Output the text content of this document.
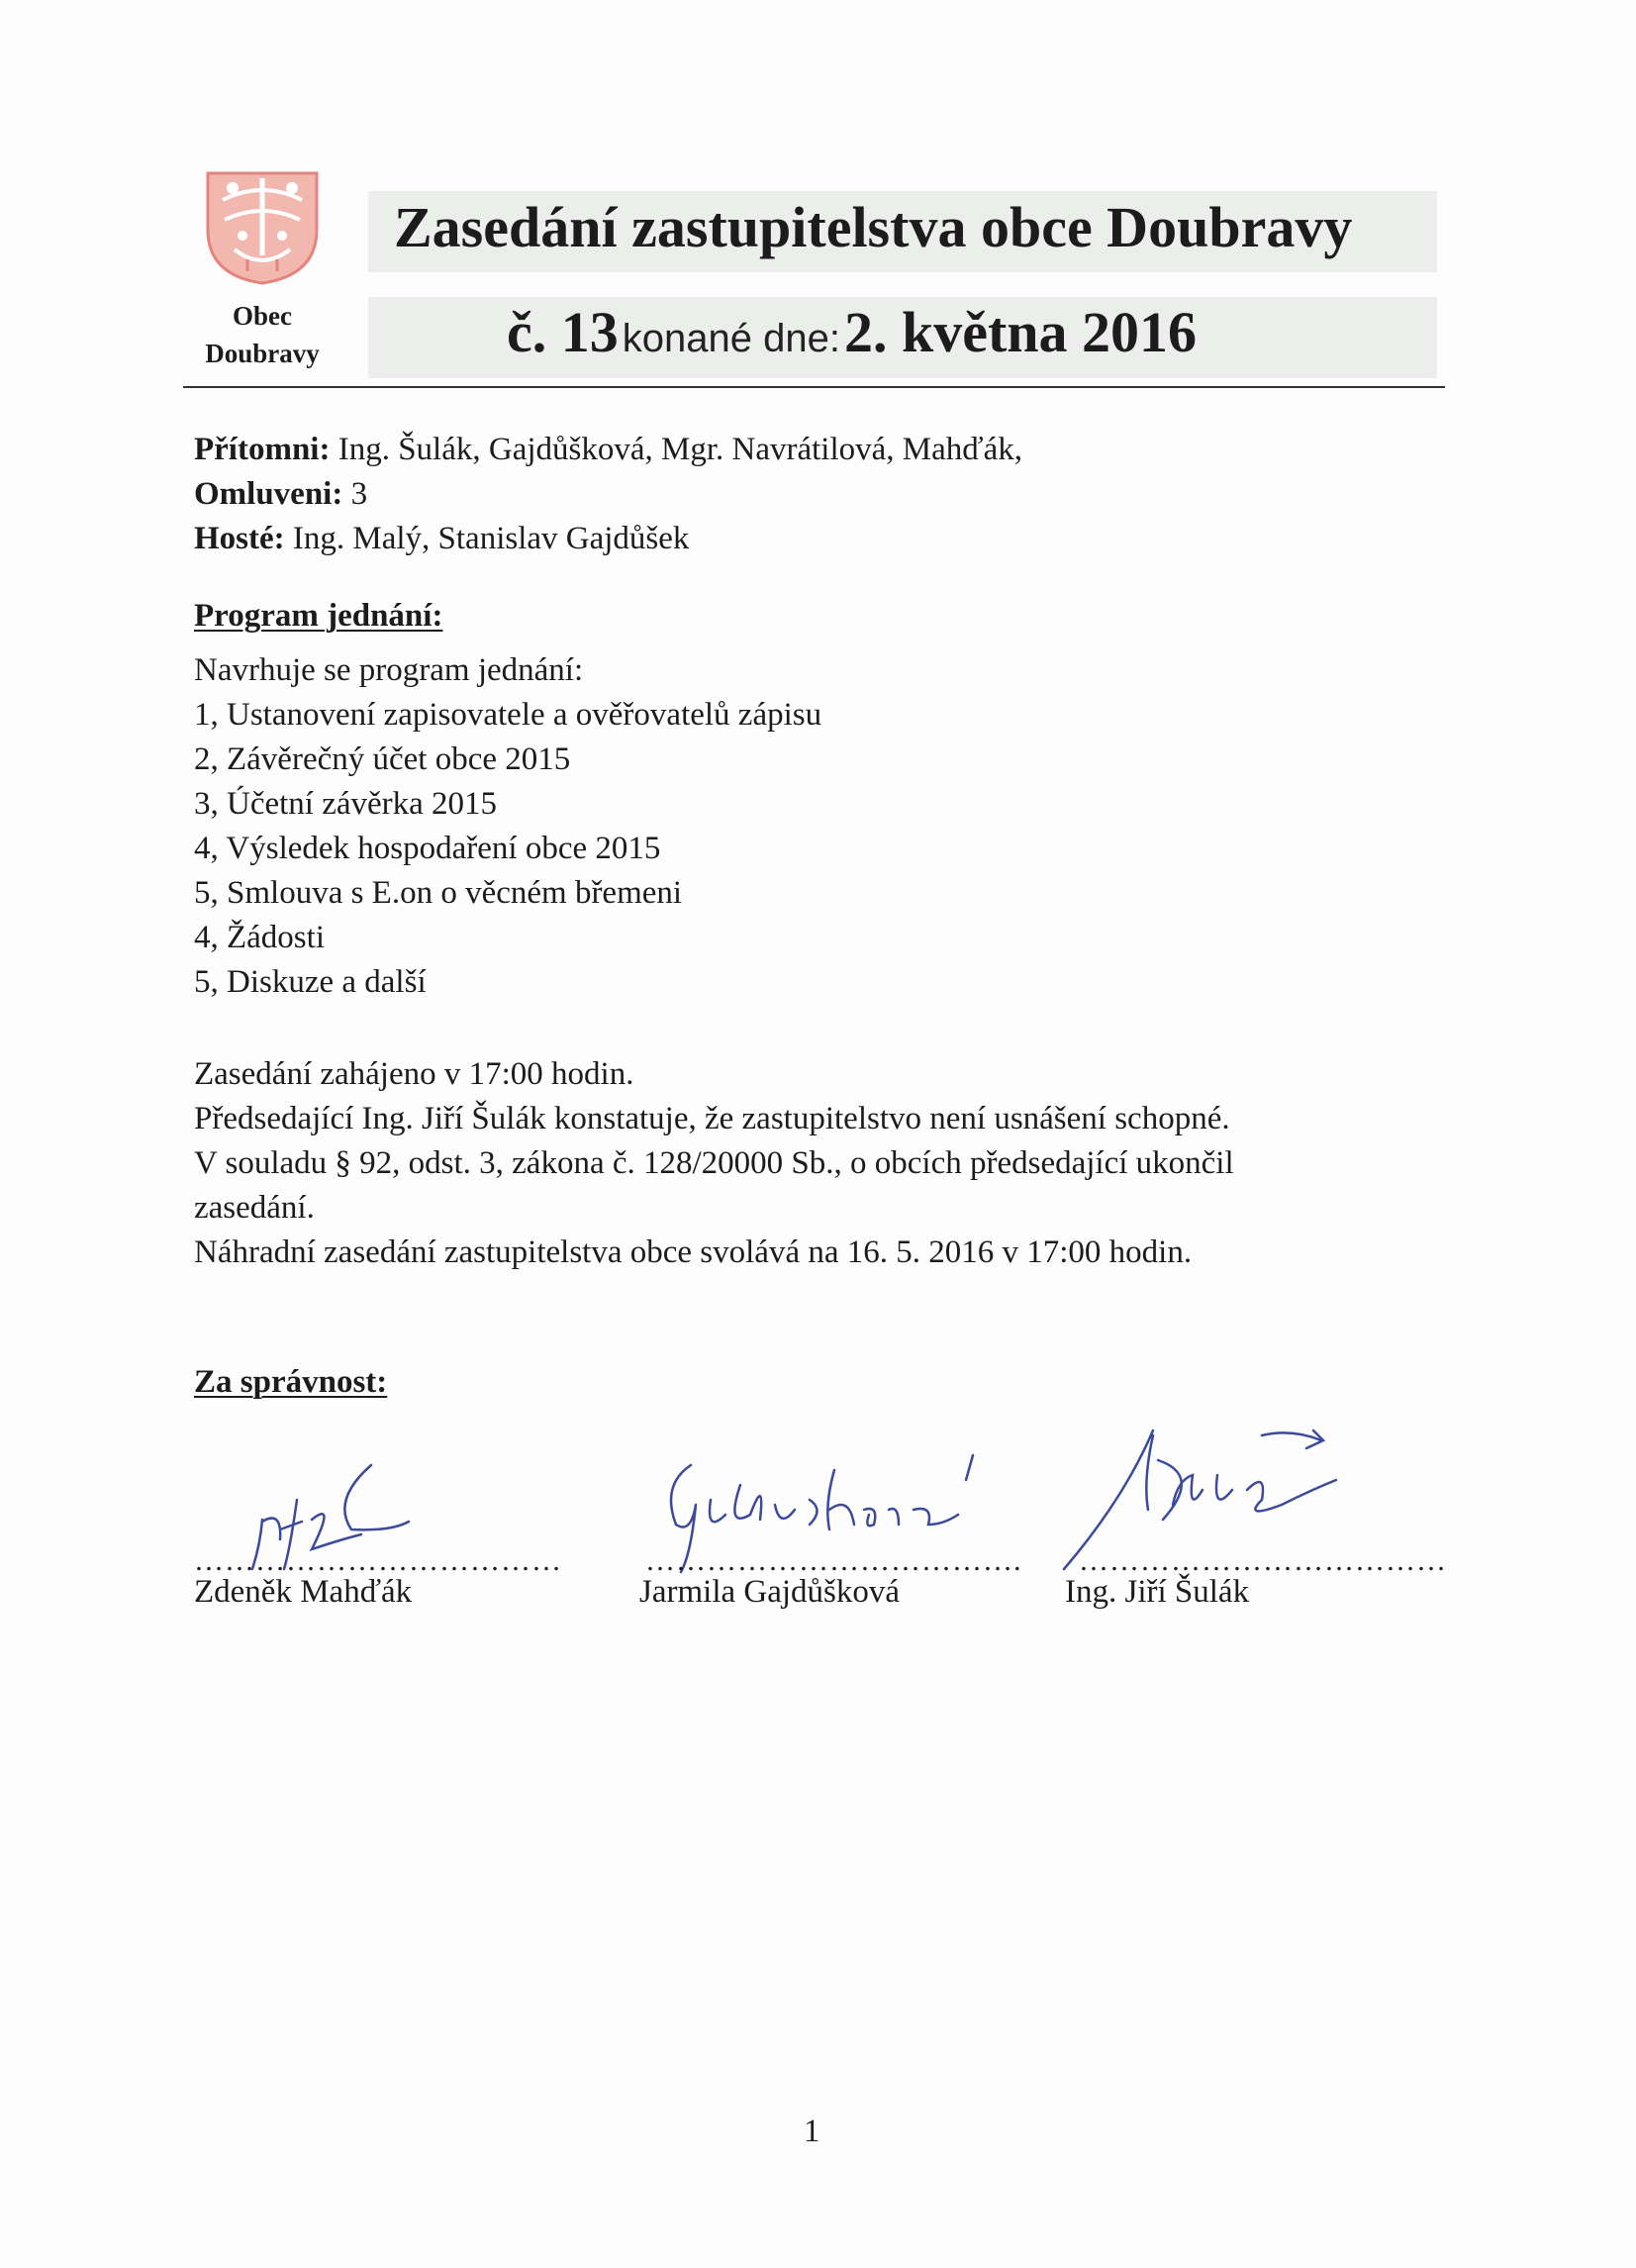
Obec
Doubravy
Zasedání zastupitelstva obce Doubravy
č. 13 konané dne: 2. května 2016
Přítomni: Ing. Šulák, Gajdůšková, Mgr. Navrátilová, Mahďák,
Omluveni: 3
Hosté: Ing. Malý, Stanislav Gajdůšek
Program jednání:
Navrhuje se program jednání:
1, Ustanovení zapisovatele a ověřovatelů zápisu
2, Závěrečný účet obce 2015
3, Účetní závěrka 2015
4, Výsledek hospodaření obce 2015
5, Smlouva s E.on o věcném břemeni
4, Žádosti
5, Diskuze a další
Zasedání zahájeno v 17:00 hodin.
Předsedající Ing. Jiří Šulák konstatuje, že zastupitelstvo není usnášení schopné.
V souladu § 92, odst. 3, zákona č. 128/20000 Sb., o obcích předsedající ukončil
zasedání.
Náhradní zasedání zastupitelstva obce svolává na 16. 5. 2016 v 17:00 hodin.
Za správnost:
………………………………
Zdeněk Mahďák
……………………………….
Jarmila Gajdůšková
………………………………
Ing. Jiří Šulák
1
